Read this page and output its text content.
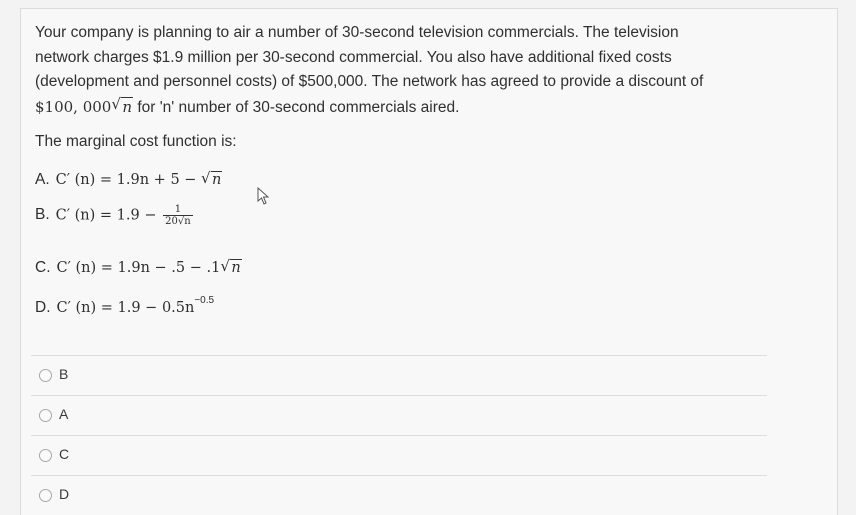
Your company is planning to air a number of 30-second television commercials. The television
network charges $1.9 million per 30-second commercial. You also have additional fixed costs
(development and personnel costs) of $500,000. The network has agreed to provide a discount of
$100, 000 √ n for 'n' number of 30-second commercials aired.
The marginal cost function is:
A. C′ (n) = 1.9n + 5 − √ n
B. C′ $(n) = 1.9 - \frac{1}{20√n}$
C. C′ (n) = 1.9n − .5 − .1 √ n
D. C′ $(n) = 1.9 - 0.5n^{-0.5}$
B
A
C
D
